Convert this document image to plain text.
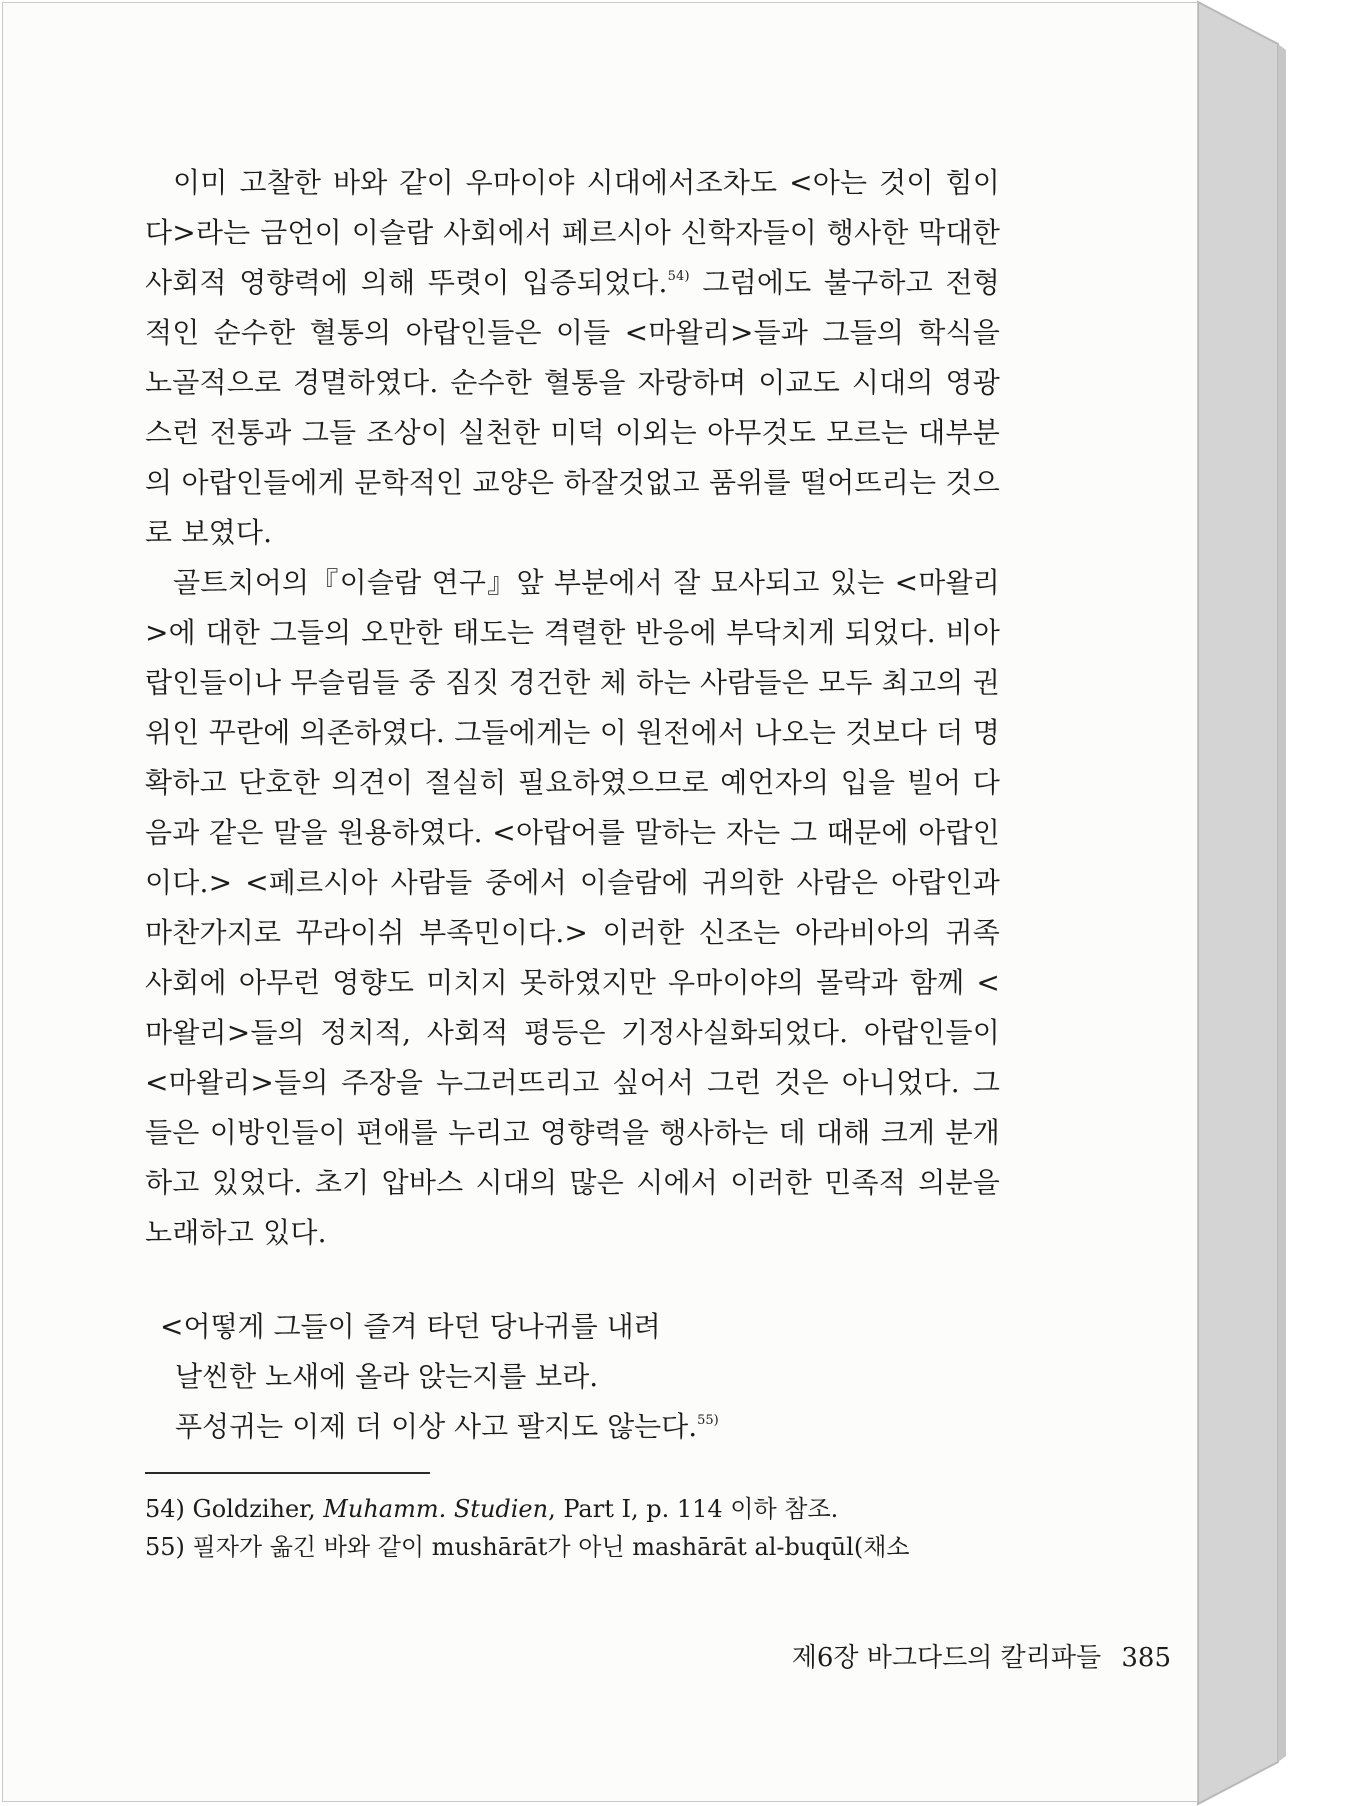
이미 고찰한 바와 같이 우마이야 시대에서조차도 <아는 것이 힘이다>라는 금언이 이슬람 사회에서 페르시아 신학자들이 행사한 막대한 사회적 영향력에 의해 뚜렷이 입증되었다.$^{54)}$ 그럼에도 불구하고 전형적인 순수한 혈통의 아랍인들은 이들 <마왈리>들과 그들의 학식을 노골적으로 경멸하였다. 순수한 혈통을 자랑하며 이교도 시대의 영광스런 전통과 그들 조상이 실천한 미덕 이외는 아무것도 모르는 대부분의 아랍인들에게 문학적인 교양은 하잘것없고 품위를 떨어뜨리는 것으로 보였다.

골트치어의『이슬람 연구』앞 부분에서 잘 묘사되고 있는 <마왈리>에 대한 그들의 오만한 태도는 격렬한 반응에 부닥치게 되었다. 비아랍인들이나 무슬림들 중 짐짓 경건한 체 하는 사람들은 모두 최고의 권위인 꾸란에 의존하였다. 그들에게는 이 원전에서 나오는 것보다 더 명확하고 단호한 의견이 절실히 필요하였으므로 예언자의 입을 빌어 다음과 같은 말을 원용하였다. <아랍어를 말하는 자는 그 때문에 아랍인이다.> <페르시아 사람들 중에서 이슬람에 귀의한 사람은 아랍인과 마찬가지로 꾸라이쉬 부족민이다.> 이러한 신조는 아라비아의 귀족 사회에 아무런 영향도 미치지 못하였지만 우마이야의 몰락과 함께 <마왈리>들의 정치적, 사회적 평등은 기정사실화되었다. 아랍인들이 <마왈리>들의 주장을 누그러뜨리고 싶어서 그런 것은 아니었다. 그들은 이방인들이 편애를 누리고 영향력을 행사하는 데 대해 크게 분개하고 있었다. 초기 압바스 시대의 많은 시에서 이러한 민족적 의분을 노래하고 있다.

<어떻게 그들이 즐겨 타던 당나귀를 내려
날씬한 노새에 올라 앉는지를 보라.
푸성귀는 이제 더 이상 사고 팔지도 않는다.$^{55)}$
54) Goldziher, Muhamm. Studien, Part I, p. 114 이하 참조.
55) 필자가 옮긴 바와 같이 mushārāt가 아닌 mashārāt al-buqūl(채소
제6장 바그다드의 칼리파들 385
